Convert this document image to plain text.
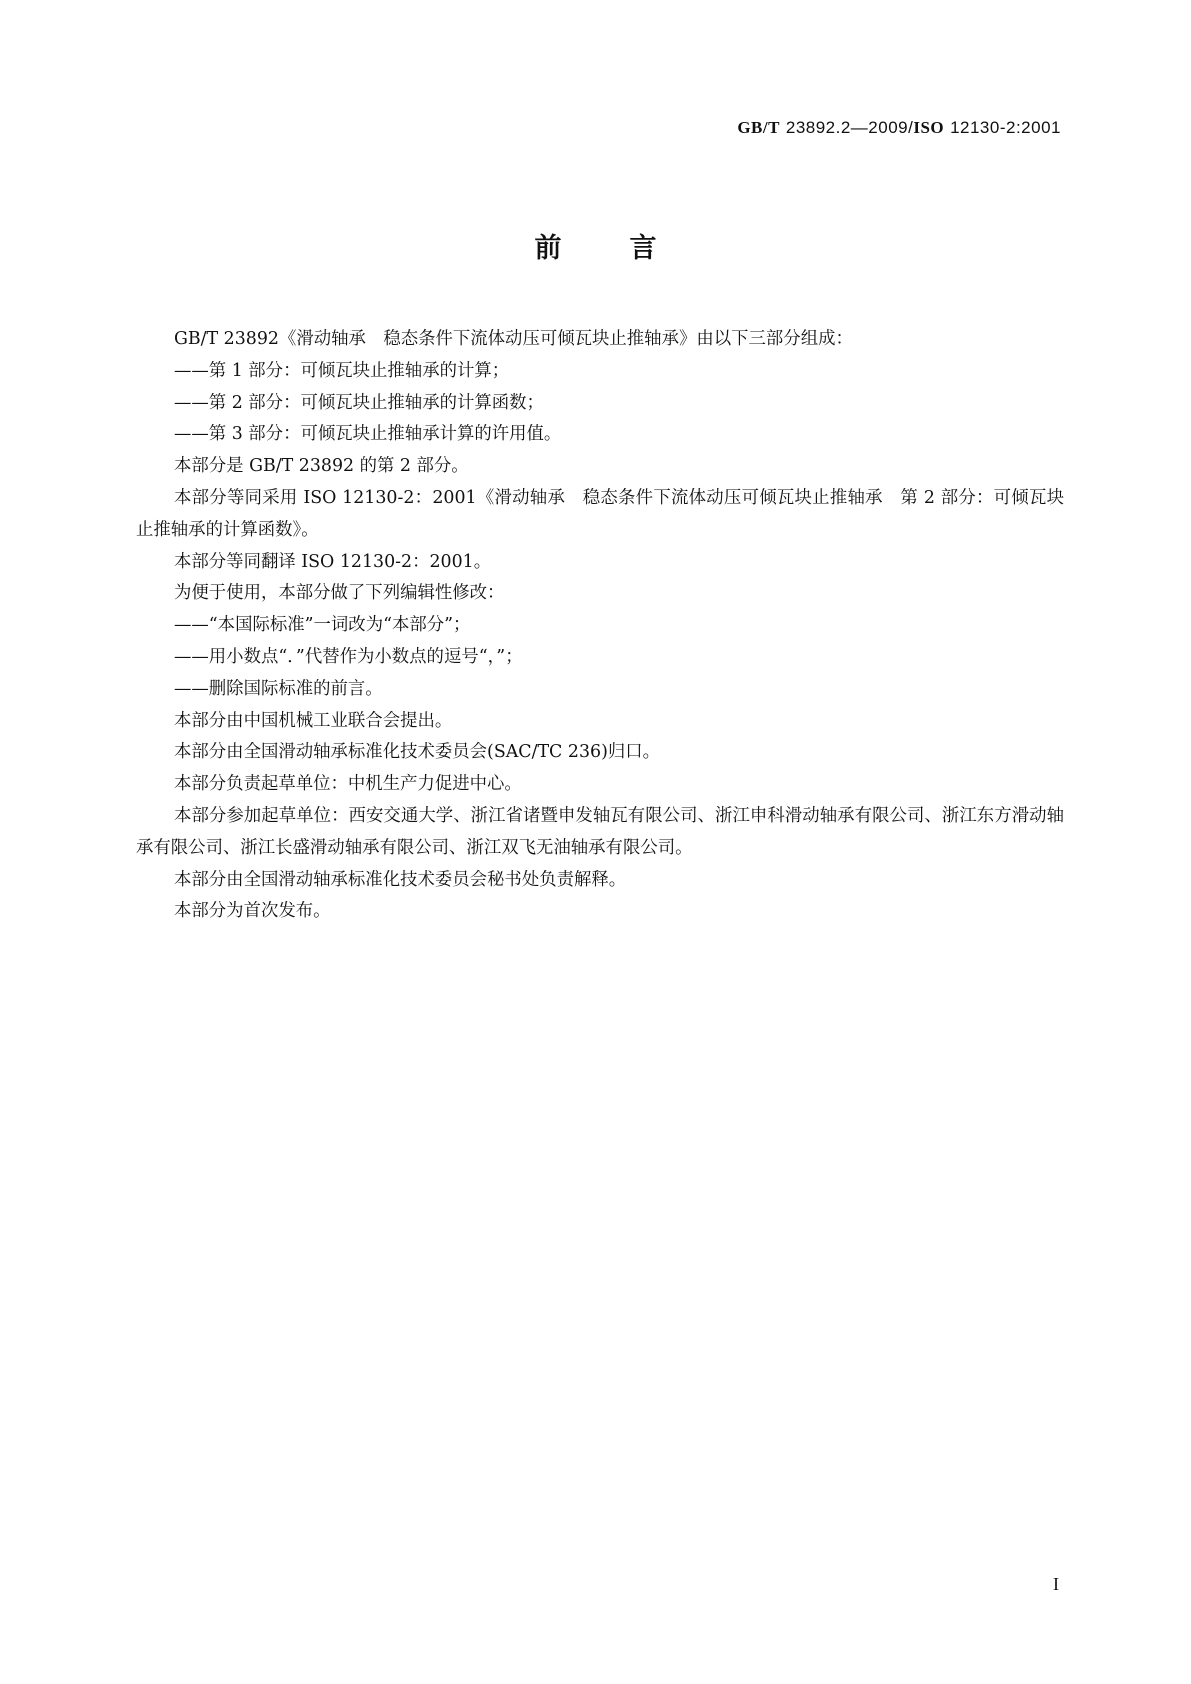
GB/T 23892.2—2009/ISO 12130-2:2001
前	言

GB/T 23892《滑动轴承　稳态条件下流体动压可倾瓦块止推轴承》由以下三部分组成：

——第 1 部分：可倾瓦块止推轴承的计算；

——第 2 部分：可倾瓦块止推轴承的计算函数；

——第 3 部分：可倾瓦块止推轴承计算的许用值。

本部分是 GB/T 23892 的第 2 部分。

本部分等同采用 ISO 12130-2：2001《滑动轴承　稳态条件下流体动压可倾瓦块止推轴承　第 2 部分：可倾瓦块止推轴承的计算函数》。

本部分等同翻译 ISO 12130-2：2001。

为便于使用，本部分做了下列编辑性修改：

——“本国际标准”一词改为“本部分”；

——用小数点“．”代替作为小数点的逗号“，”；

——删除国际标准的前言。

本部分由中国机械工业联合会提出。

本部分由全国滑动轴承标准化技术委员会(SAC/TC 236)归口。

本部分负责起草单位：中机生产力促进中心。

本部分参加起草单位：西安交通大学、浙江省诸暨申发轴瓦有限公司、浙江申科滑动轴承有限公司、浙江东方滑动轴承有限公司、浙江长盛滑动轴承有限公司、浙江双飞无油轴承有限公司。

本部分由全国滑动轴承标准化技术委员会秘书处负责解释。

本部分为首次发布。

I
